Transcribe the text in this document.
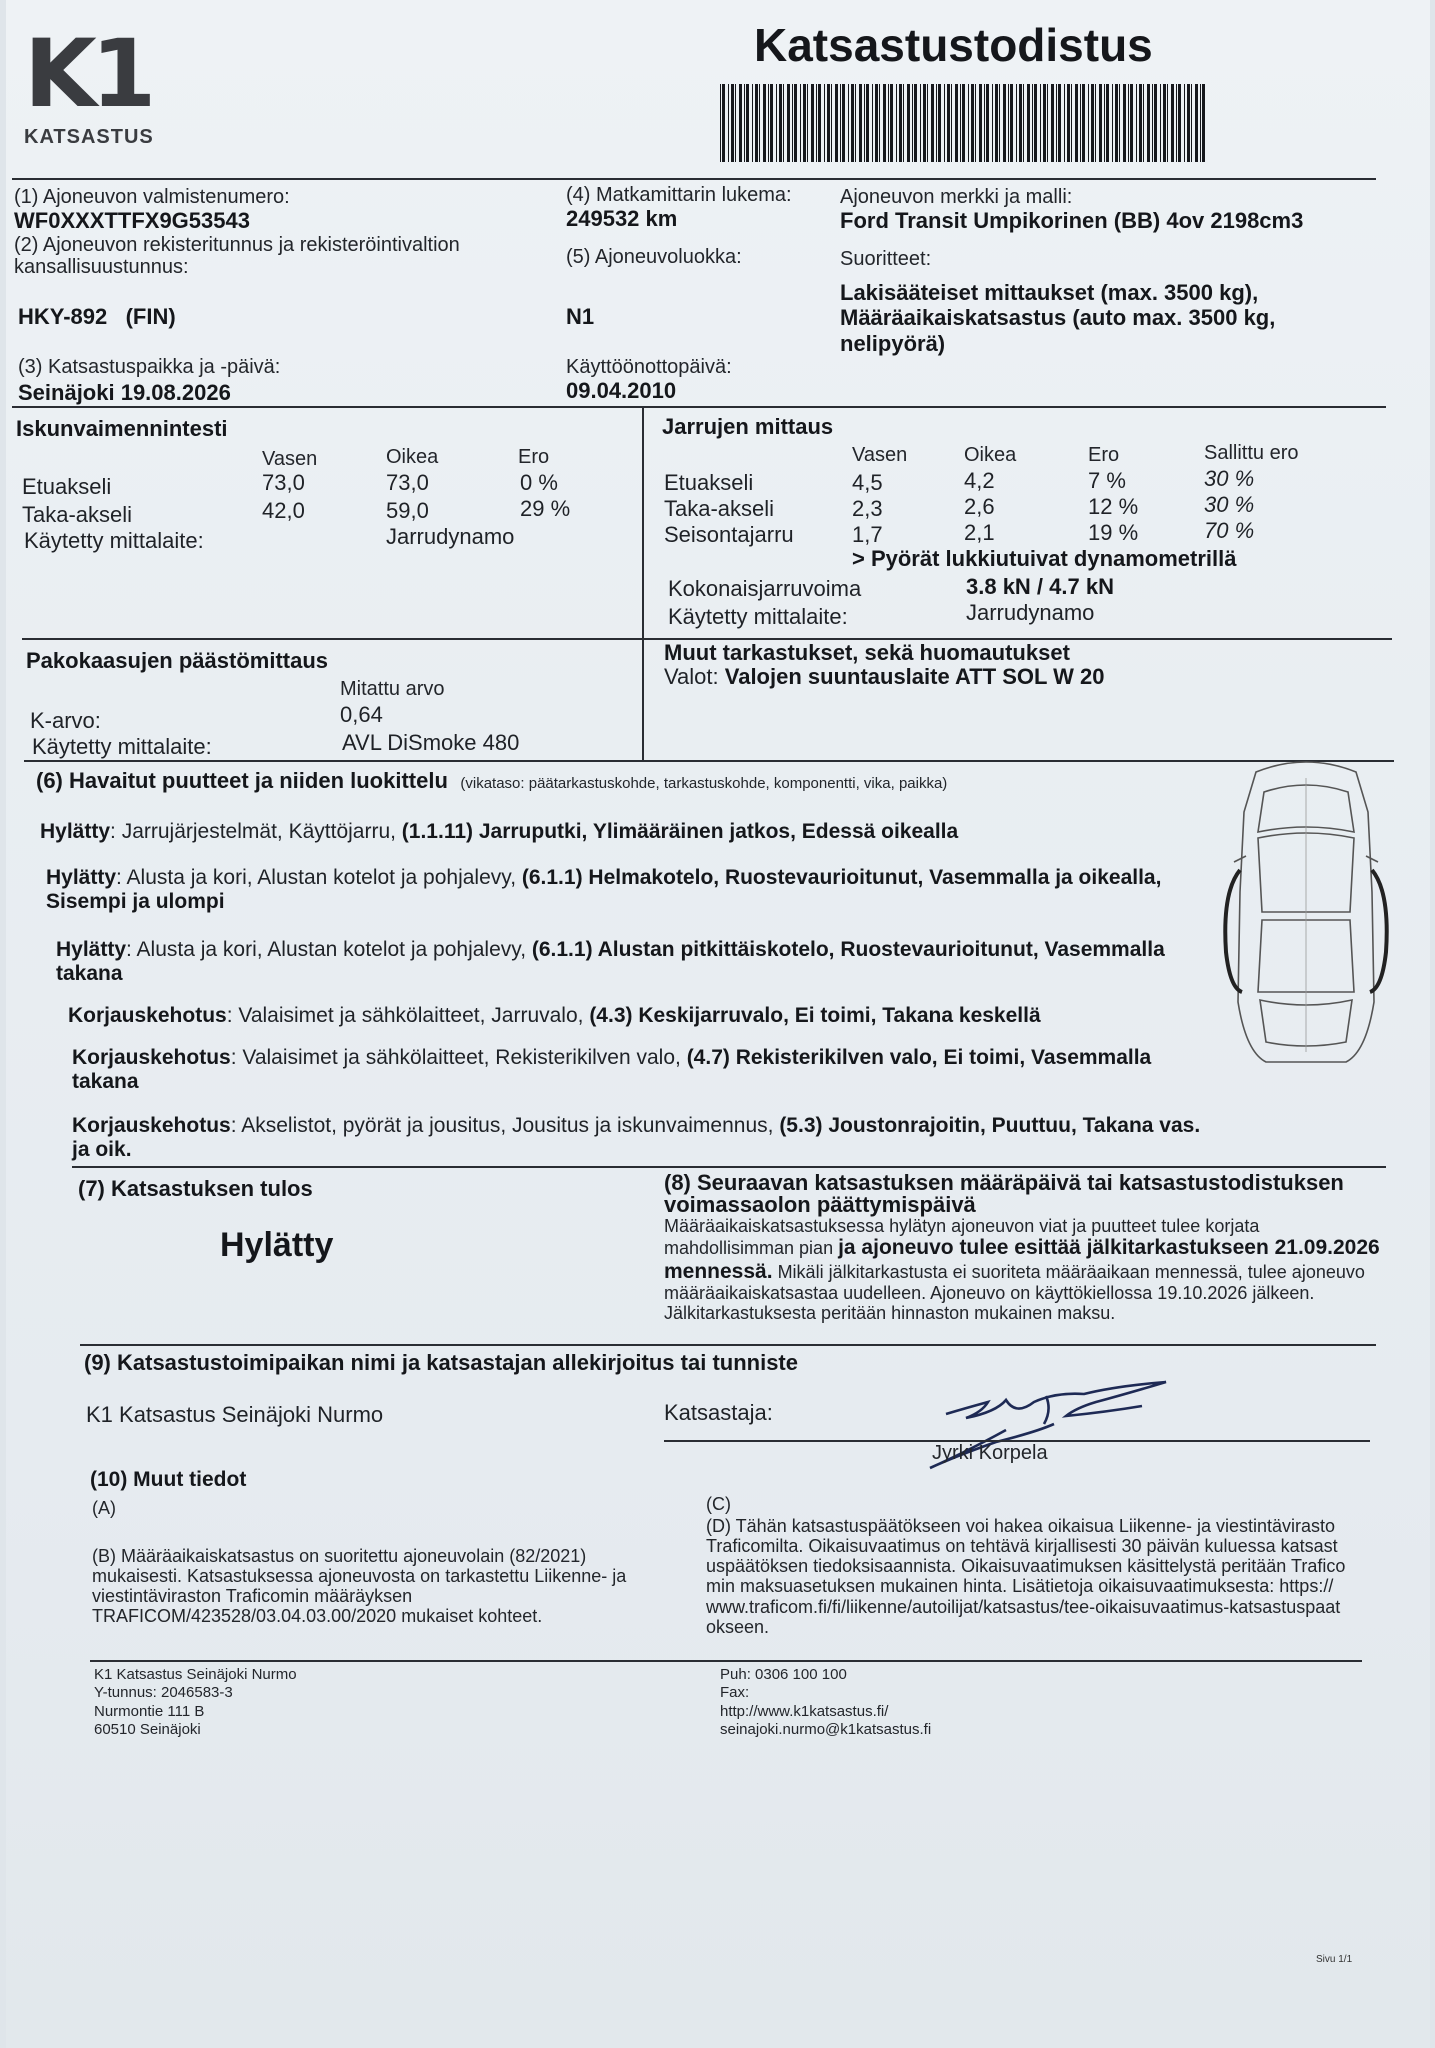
K1
KATSASTUS
Katsastustodistus
(1) Ajoneuvon valmistenumero:
WF0XXXTTFX9G53543
(2) Ajoneuvon rekisteritunnus ja rekisteröintivaltion kansallisuustunnus:
HKY-892   (FIN)
(3) Katsastuspaikka ja -päivä:
Seinäjoki 19.08.2026
(4) Matkamittarin lukema:
249532 km
(5) Ajoneuvoluokka:
N1
Käyttöönottopäivä:
09.04.2010
Ajoneuvon merkki ja malli:
Ford Transit Umpikorinen (BB) 4ov 2198cm3
Suoritteet:
Lakisääteiset mittaukset (max. 3500 kg), Määräaikaiskatsastus (auto max. 3500 kg, nelipyörä)
Iskunvaimennintesti
Vasen	Oikea	Ero
Etuakseli	73,0	73,0	0 %
Taka-akseli	42,0	59,0	29 %
Käytetty mittalaite:	Jarrudynamo
Jarrujen mittaus
Vasen	Oikea	Ero	Sallittu ero
Etuakseli	4,5	4,2	7 %	30 %
Taka-akseli	2,3	2,6	12 %	30 %
Seisontajarru	1,7	2,1	19 %	70 %
> Pyörät lukkiutuivat dynamometrillä
Kokonaisjarruvoima	3.8 kN / 4.7 kN
Käytetty mittalaite:	Jarrudynamo
Pakokaasujen päästömittaus
Mitattu arvo
K-arvo:	0,64
Käytetty mittalaite:	AVL DiSmoke 480
Muut tarkastukset, sekä huomautukset
Valot: Valojen suuntauslaite ATT SOL W 20
(6) Havaitut puutteet ja niiden luokittelu (vikataso: päätarkastuskohde, tarkastuskohde, komponentti, vika, paikka)
Hylätty: Jarrujärjestelmät, Käyttöjarru, (1.1.11) Jarruputki, Ylimääräinen jatkos, Edessä oikealla
Hylätty: Alusta ja kori, Alustan kotelot ja pohjalevy, (6.1.1) Helmakotelo, Ruostevaurioitunut, Vasemmalla ja oikealla, Sisempi ja ulompi
Hylätty: Alusta ja kori, Alustan kotelot ja pohjalevy, (6.1.1) Alustan pitkittäiskotelo, Ruostevaurioitunut, Vasemmalla takana
Korjauskehotus: Valaisimet ja sähkölaitteet, Jarruvalo, (4.3) Keskijarruvalo, Ei toimi, Takana keskellä
Korjauskehotus: Valaisimet ja sähkölaitteet, Rekisterikilven valo, (4.7) Rekisterikilven valo, Ei toimi, Vasemmalla takana
Korjauskehotus: Akselistot, pyörät ja jousitus, Jousitus ja iskunvaimennus, (5.3) Joustonrajoitin, Puuttuu, Takana vas. ja oik.
(7) Katsastuksen tulos
Hylätty
(8) Seuraavan katsastuksen määräpäivä tai katsastustodistuksen voimassaolon päättymispäivä
Määräaikaiskatsastuksessa hylätyn ajoneuvon viat ja puutteet tulee korjata mahdollisimman pian ja ajoneuvo tulee esittää jälkitarkastukseen 21.09.2026 mennessä. Mikäli jälkitarkastusta ei suoriteta määräaikaan mennessä, tulee ajoneuvo määräaikaiskatsastaa uudelleen. Ajoneuvo on käyttökiellossa 19.10.2026 jälkeen. Jälkitarkastuksesta peritään hinnaston mukainen maksu.
(9) Katsastustoimipaikan nimi ja katsastajan allekirjoitus tai tunniste
K1 Katsastus Seinäjoki Nurmo	Katsastaja:
Jyrki Korpela
(10) Muut tiedot
(A)
(B) Määräaikaiskatsastus on suoritettu ajoneuvolain (82/2021) mukaisesti. Katsastuksessa ajoneuvosta on tarkastettu Liikenne- ja viestintäviraston Traficomin määräyksen TRAFICOM/423528/03.04.03.00/2020 mukaiset kohteet.
(C)
(D) Tähän katsastuspäätökseen voi hakea oikaisua Liikenne- ja viestintävirasto Traficomilta. Oikaisuvaatimus on tehtävä kirjallisesti 30 päivän kuluessa katsastuspäätöksen tiedoksisaannista. Oikaisuvaatimuksen käsittelystä peritään Traficomin maksuasetuksen mukainen hinta. Lisätietoja oikaisuvaatimuksesta: https://www.traficom.fi/fi/liikenne/autoilijat/katsastus/tee-oikaisuvaatimus-katsastuspaatokseen.
K1 Katsastus Seinäjoki Nurmo
Y-tunnus: 2046583-3
Nurmontie 111 B
60510 Seinäjoki
Puh: 0306 100 100
Fax:
http://www.k1katsastus.fi/
seinajoki.nurmo@k1katsastus.fi
Sivu 1/1
